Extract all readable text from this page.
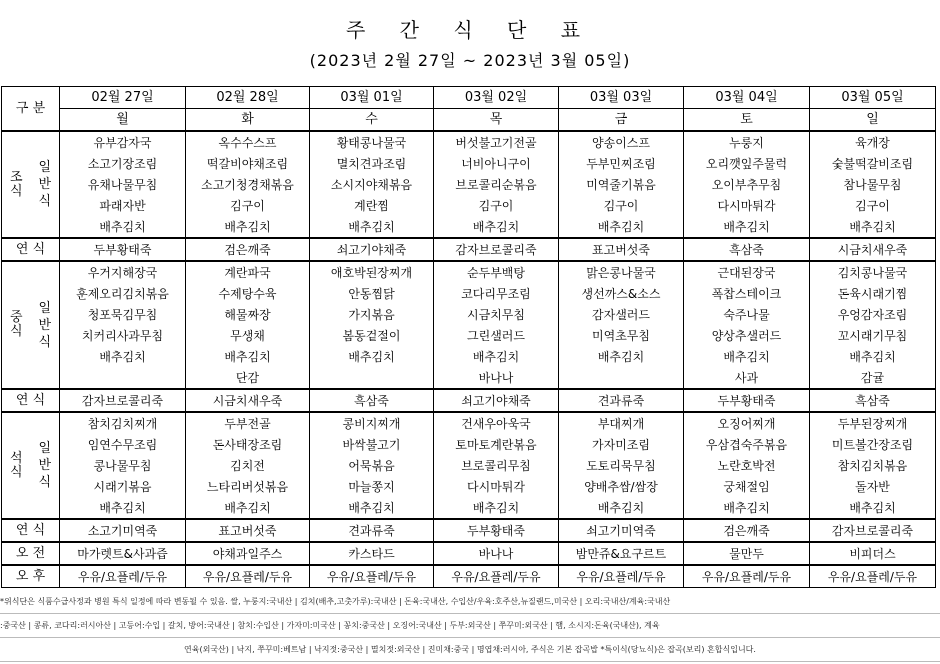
주 간 식 단 표
(2023년 2월 27일 ~ 2023년 3월 05일)
구 분		02월 27일	02월 28일	03월 01일	03월 02일	03월 03일	03월 04일	03월 05일
		월	화	수	목	금	토	일
조
식	일
반
식	유부감자국	옥수수스프	황태콩나물국	버섯불고기전골	양송이스프	누룽지	육개장
		소고기장조림	떡갈비야채조림	멸치견과조림	너비아니구이	두부민찌조림	오리깻잎주물럭	숯불떡갈비조림
		유채나물무침	소고기청경채볶음	소시지야채볶음	브로콜리순볶음	미역줄기볶음	오이부추무침	참나물무침
		파래자반	김구이	계란찜	김구이	김구이	다시마튀각	김구이
		배추김치	배추김치	배추김치	배추김치	배추김치	배추김치	배추김치
연 식		두부황태죽	검은깨죽	쇠고기야채죽	감자브로콜리죽	표고버섯죽	흑삼죽	시금치새우죽
중
식	일
반
식	우거지해장국	계란파국	애호박된장찌개	순두부백탕	맑은콩나물국	근대된장국	김치콩나물국
		훈제오리김치볶음	수제탕수육	안동찜닭	코다리무조림	생선까스&소스	폭찹스테이크	돈육시래기찜
		청포묵김무침	해물짜장	가지볶음	시금치무침	감자샐러드	숙주나물	우엉감자조림
		치커리사과무침	무생채	봄동겉절이	그린샐러드	미역초무침	양상추샐러드	꼬시래기무침
		배추김치	배추김치	배추김치	배추김치	배추김치	배추김치	배추김치
			단감		바나나		사과	감귤
연 식		감자브로콜리죽	시금치새우죽	흑삼죽	쇠고기야채죽	견과류죽	두부황태죽	흑삼죽
석
식	일
반
식	참치김치찌개	두부전골	콩비지찌개	건새우아욱국	부대찌개	오징어찌개	두부된장찌개
		임연수무조림	돈사태장조림	바싹불고기	토마토계란볶음	가자미조림	우삼겹숙주볶음	미트볼간장조림
		콩나물무침	김치전	어묵볶음	브로콜리무침	도토리묵무침	노란호박전	참치김치볶음
		시래기볶음	느타리버섯볶음	마늘쫑지	다시마튀각	양배추쌈/쌈장	궁채절임	돌자반
		배추김치	배추김치	배추김치	배추김치	배추김치	배추김치	배추김치
연 식		소고기미역죽	표고버섯죽	견과류죽	두부황태죽	쇠고기미역죽	검은깨죽	감자브로콜리죽
오 전		마가렛트&사과즙	야채과일주스	카스타드	바나나	밤만쥬&요구르트	물만두	비피더스
오 후		우유/요플레/두유	우유/요플레/두유	우유/요플레/두유	우유/요플레/두유	우유/요플레/두유	우유/요플레/두유	우유/요플레/두유
*위식단은 식품수급사정과 병원 특식 일정에 따라 변동될 수 있음. 쌀, 누룽지:국내산 | 김치(배추,고춧가루):국내산 | 돈육:국내산, 수입산/우육:호주산,뉴질랜드,미국산 | 오리:국내산/계육:국내산
:중국산 | 콩류, 코다리:러시아산 | 고등어:수입 | 갈치, 방어:국내산 | 참치:수입산 | 가자미:미국산 | 꽁치:중국산 | 오징어:국내산 | 두부:외국산 | 쭈꾸미:외국산 | 햄, 소시지:돈육(국내산), 계육
연육(외국산) | 낙지, 쭈꾸미:베트남 | 낙지젓:중국산 | 멸치젓:외국산 | 진미채:중국 | 명엽채:러시아, 주식은 기본 잡곡밥 *특이식(당뇨식)은 잡곡(보리) 혼합식입니다.
